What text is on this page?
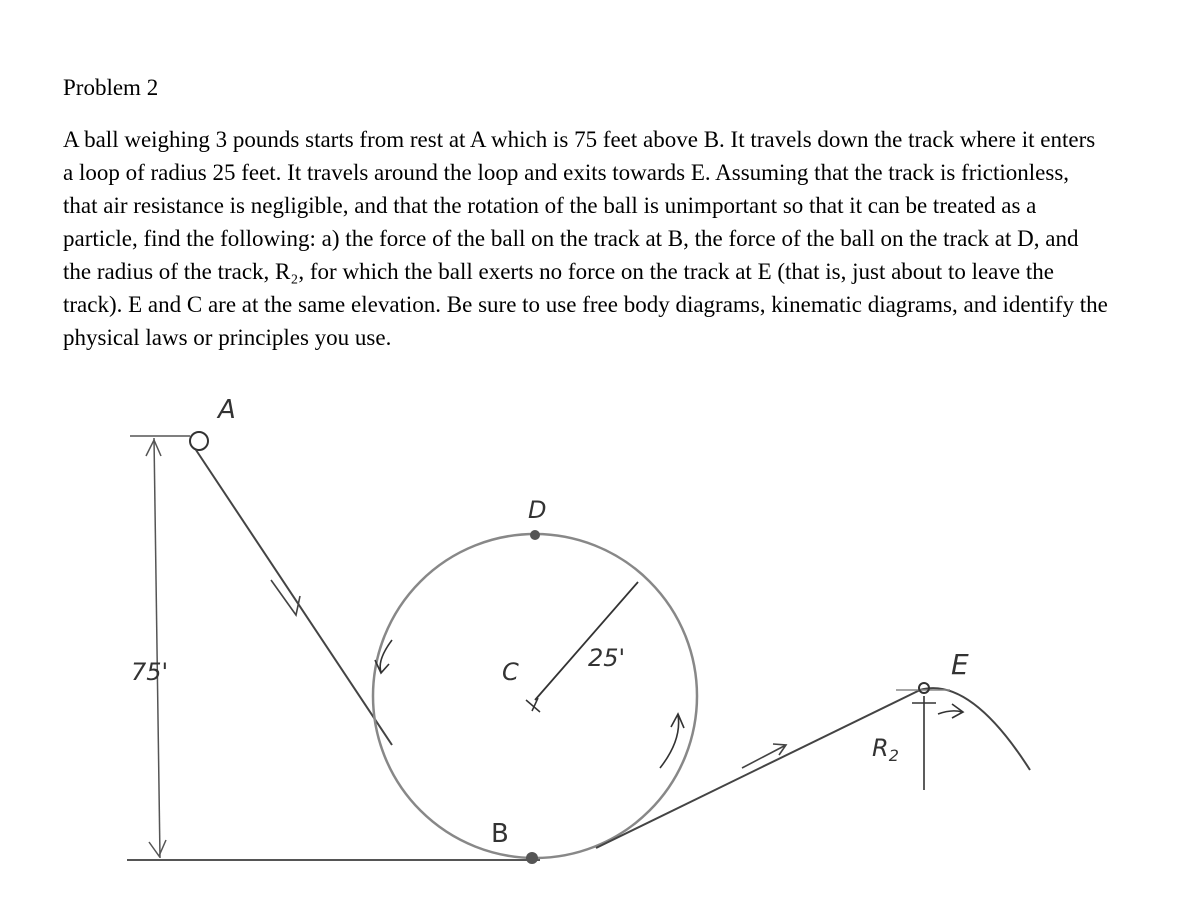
Problem 2

A ball weighing 3 pounds starts from rest at A which is 75 feet above B. It travels down the track where it enters a loop of radius 25 feet. It travels around the loop and exits towards E. Assuming that the track is frictionless, that air resistance is negligible, and that the rotation of the ball is unimportant so that it can be treated as a particle, find the following: a) the force of the ball on the track at B, the force of the ball on the track at D, and the radius of the track, R₂, for which the ball exerts no force on the track at E (that is, just about to leave the track). E and C are at the same elevation. Be sure to use free body diagrams, kinematic diagrams, and identify the physical laws or principles you use.

75'
A
D
C	25'
B
E
$R_2$
